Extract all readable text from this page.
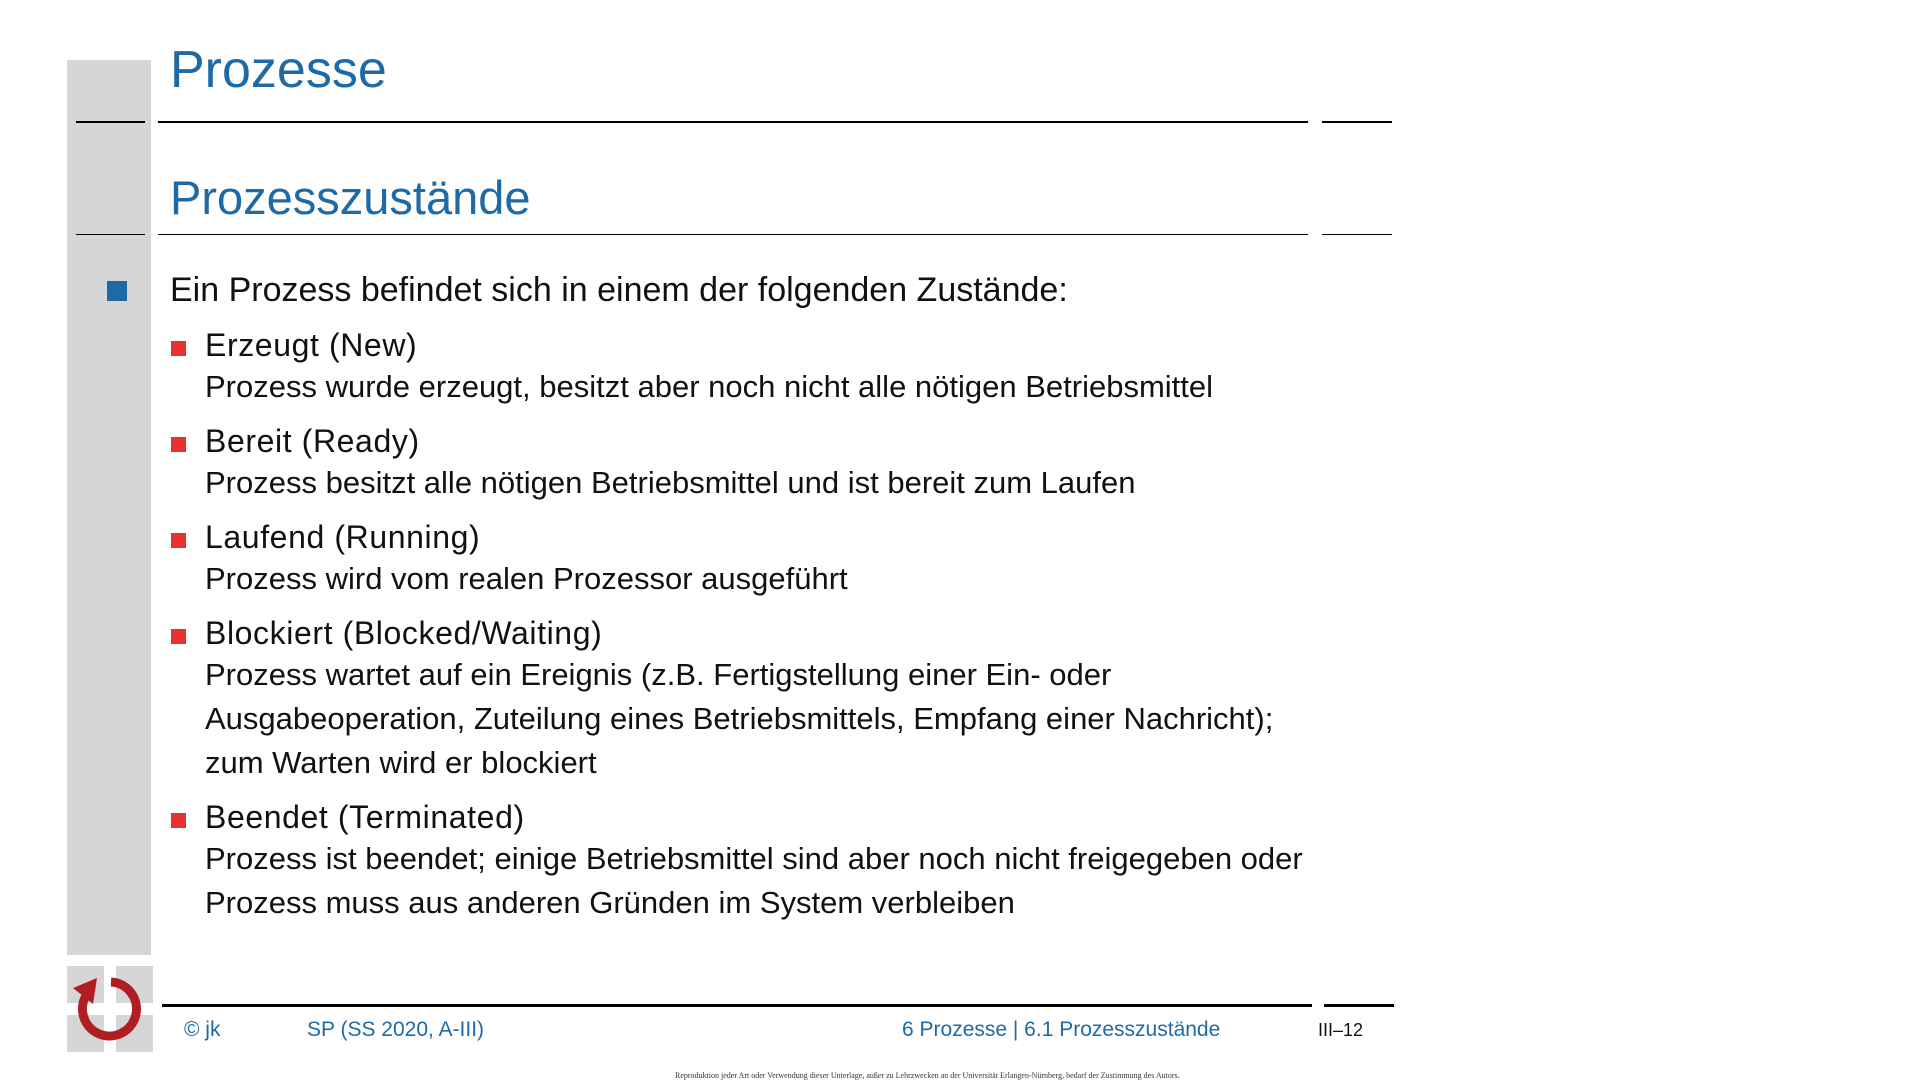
Prozesse
Prozesszustände
Ein Prozess befindet sich in einem der folgenden Zustände:
Erzeugt (New)
Prozess wurde erzeugt, besitzt aber noch nicht alle nötigen Betriebsmittel
Bereit (Ready)
Prozess besitzt alle nötigen Betriebsmittel und ist bereit zum Laufen
Laufend (Running)
Prozess wird vom realen Prozessor ausgeführt
Blockiert (Blocked/Waiting)
Prozess wartet auf ein Ereignis (z.B. Fertigstellung einer Ein- oder
Ausgabeoperation, Zuteilung eines Betriebsmittels, Empfang einer Nachricht);
zum Warten wird er blockiert
Beendet (Terminated)
Prozess ist beendet; einige Betriebsmittel sind aber noch nicht freigegeben oder
Prozess muss aus anderen Gründen im System verbleiben
© jk	SP (SS 2020, A-III)	6 Prozesse | 6.1 Prozesszustände	III–12
Reproduktion jeder Art oder Verwendung dieser Unterlage, außer zu Lehrzwecken an der Universität Erlangen-Nürnberg, bedarf der Zustimmung des Autors.
